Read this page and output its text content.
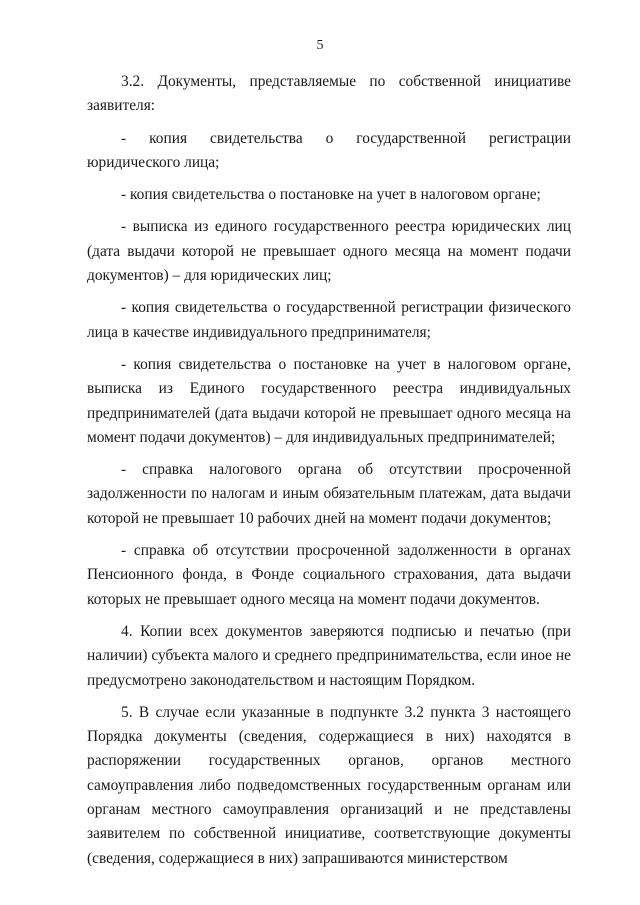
5

3.2. Документы, представляемые по собственной инициативе заявителя:

- копия свидетельства о государственной регистрации юридического лица;

- копия свидетельства о постановке на учет в налоговом органе;

- выписка из единого государственного реестра юридических лиц (дата выдачи которой не превышает одного месяца на момент подачи документов) – для юридических лиц;

- копия свидетельства о государственной регистрации физического лица в качестве индивидуального предпринимателя;

- копия свидетельства о постановке на учет в налоговом органе, выписка из Единого государственного реестра индивидуальных предпринимателей (дата выдачи которой не превышает одного месяца на момент подачи документов) – для индивидуальных предпринимателей;

- справка налогового органа об отсутствии просроченной задолженности по налогам и иным обязательным платежам, дата выдачи которой не превышает 10 рабочих дней на момент подачи документов;

- справка об отсутствии просроченной задолженности в органах Пенсионного фонда, в Фонде социального страхования, дата выдачи которых не превышает одного месяца на момент подачи документов.

4. Копии всех документов заверяются подписью и печатью (при наличии) субъекта малого и среднего предпринимательства, если иное не предусмотрено законодательством и настоящим Порядком.

5. В случае если указанные в подпункте 3.2 пункта 3 настоящего Порядка документы (сведения, содержащиеся в них) находятся в распоряжении государственных органов, органов местного самоуправления либо подведомственных государственным органам или органам местного самоуправления организаций и не представлены заявителем по собственной инициативе, соответствующие документы (сведения, содержащиеся в них) запрашиваются министерством
